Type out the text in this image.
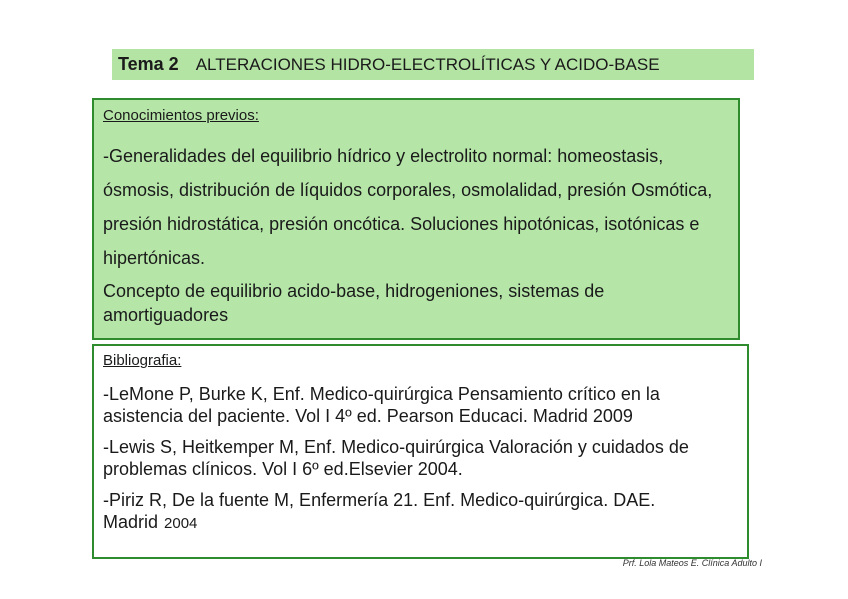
Tema 2 ALTERACIONES HIDRO-ELECTROLÍTICAS Y ACIDO-BASE

Conocimientos previos:

-Generalidades del equilibrio hídrico y electrolito normal: homeostasis, ósmosis, distribución de líquidos corporales, osmolalidad, presión Osmótica, presión hidrostática, presión oncótica. Soluciones hipotónicas, isotónicas e hipertónicas.

Concepto de equilibrio acido-base, hidrogeniones, sistemas de amortiguadores

Bibliografia:

-LeMone P, Burke K, Enf. Medico-quirúrgica Pensamiento crítico en la asistencia del paciente. Vol I 4º ed. Pearson Educaci. Madrid 2009

-Lewis S, Heitkemper M, Enf. Medico-quirúrgica Valoración y cuidados de problemas clínicos. Vol I 6º ed.Elsevier 2004.

-Piriz R, De la fuente M, Enfermería 21. Enf. Medico-quirúrgica. DAE. Madrid 2004

Prf. Lola Mateos E. Clínica Adulto I
